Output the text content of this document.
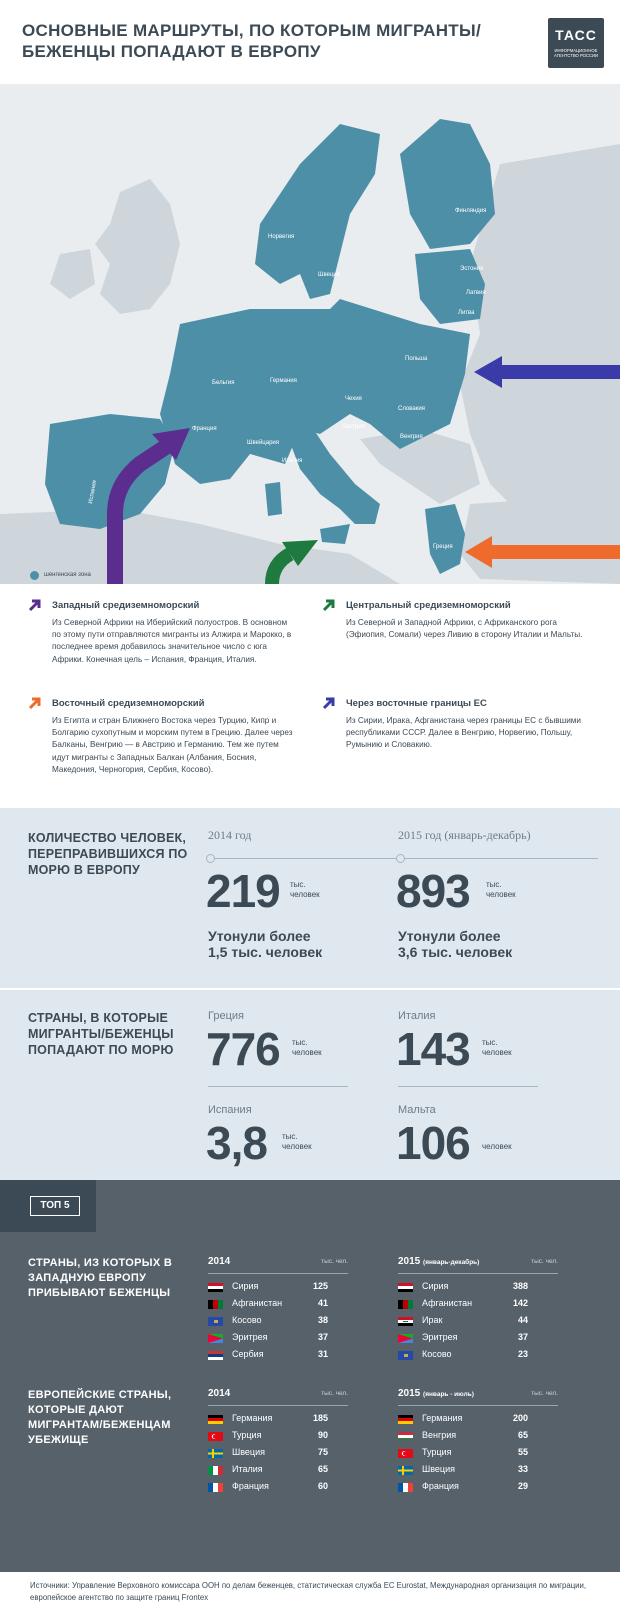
ОСНОВНЫЕ МАРШРУТЫ, ПО КОТОРЫМ МИГРАНТЫ/БЕЖЕНЦЫ ПОПАДАЮТ В ЕВРОПУ
ТАСС
ИНФОРМАЦИОННОЕ АГЕНТСТВО РОССИИ
Финляндия
Норвегия
Швеция
Эстония
Латвия
Литва
Польша
Германия
Бельгия
Чехия
Словакия
Австрия
Венгрия
Франция
Швейцария
Италия
Греция
Испания
шенгенская зона
Западный средиземноморский
Из Северной Африки на Иберийский полуостров. В основном по этому пути отправляются мигранты из Алжира и Марокко, в последнее время добавилось значительное число с юга Африки. Конечная цель – Испания, Франция, Италия.
Центральный средиземноморский
Из Северной и Западной Африки, с Африканского рога (Эфиопия, Сомали) через Ливию в сторону Италии и Мальты.
Восточный средиземноморский
Из Египта и стран Ближнего Востока через Турцию, Кипр и Болгарию сухопутным и морским путем в Грецию. Далее через Балканы, Венгрию — в Австрию и Германию. Тем же путем идут мигранты с Западных Балкан (Албания, Босния, Македония, Черногория, Сербия, Косово).
Через восточные границы ЕС
Из Сирии, Ирака, Афганистана через границы ЕС с бывшими республиками СССР. Далее в Венгрию, Норвегию, Польшу, Румынию и Словакию.
КОЛИЧЕСТВО ЧЕЛОВЕК, ПЕРЕПРАВИВШИХСЯ ПО МОРЮ В ЕВРОПУ
2014 год	2015 год (январь-декабрь)
219 тыс.
человек 893 тыс.
человек
Утонули более
1,5 тыс. человек
Утонули более
3,6 тыс. человек
СТРАНЫ, В КОТОРЫЕ МИГРАНТЫ/БЕЖЕНЦЫ ПОПАДАЮТ ПО МОРЮ
Греция
776 тыс.
человек
Италия
143 тыс.
человек
Испания
3,8 тыс.
человек
Мальта
106 человек
ТОП 5
СТРАНЫ, ИЗ КОТОРЫХ В ЗАПАДНУЮ ЕВРОПУ ПРИБЫВАЮТ БЕЖЕНЦЫ
2014	тыс. чел.
Сирия	125
Афганистан	41
Косово	38
Эритрея	37
Сербия	31
2015 (январь-декабрь)	тыс. чел.
Сирия	388
Афганистан	142
Ирак	44
Эритрея	37
Косово	23
ЕВРОПЕЙСКИЕ СТРАНЫ, КОТОРЫЕ ДАЮТ МИГРАНТАМ/БЕЖЕНЦАМ УБЕЖИЩЕ
2014	тыс. чел.
Германия	185
Турция	90
Швеция	75
Италия	65
Франция	60
2015 (январь - июль)	тыс. чел.
Германия	200
Венгрия	65
Турция	55
Швеция	33
Франция	29
Источники: Управление Верховного комиссара ООН по делам беженцев, статистическая служба ЕС Eurostat, Международная организация по миграции, европейское агентство по защите границ Frontex
